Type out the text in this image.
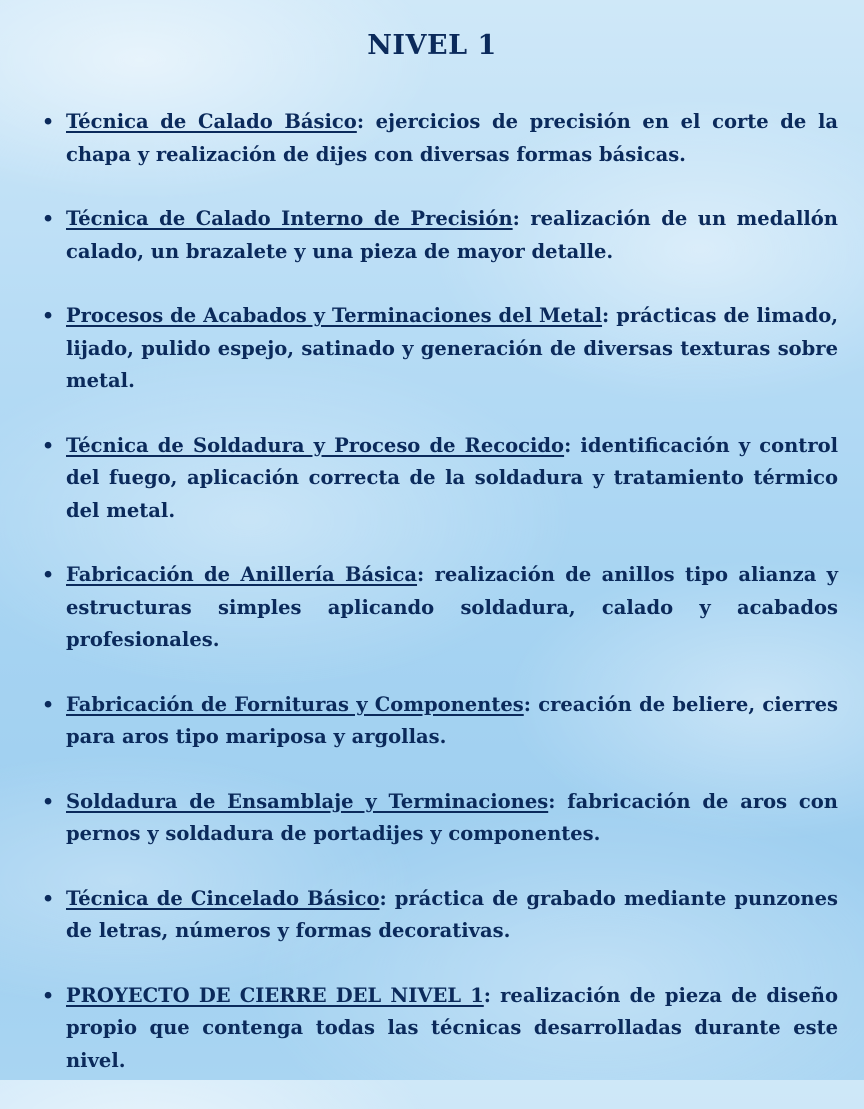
NIVEL 1
• Técnica de Calado Básico: ejercicios de precisión en el corte de la chapa y realización de dijes con diversas formas básicas.
• Técnica de Calado Interno de Precisión: realización de un medallón calado, un brazalete y una pieza de mayor detalle.
• Procesos de Acabados y Terminaciones del Metal: prácticas de limado, lijado, pulido espejo, satinado y generación de diversas texturas sobre metal.
• Técnica de Soldadura y Proceso de Recocido: identificación y control del fuego, aplicación correcta de la soldadura y tratamiento térmico del metal.
• Fabricación de Anillería Básica: realización de anillos tipo alianza y estructuras simples aplicando soldadura, calado y acabados profesionales.
• Fabricación de Fornituras y Componentes: creación de beliere, cierres para aros tipo mariposa y argollas.
• Soldadura de Ensamblaje y Terminaciones: fabricación de aros con pernos y soldadura de portadijes y componentes.
• Técnica de Cincelado Básico: práctica de grabado mediante punzones de letras, números y formas decorativas.
• PROYECTO DE CIERRE DEL NIVEL 1: realización de pieza de diseño propio que contenga todas las técnicas desarrolladas durante este nivel.
